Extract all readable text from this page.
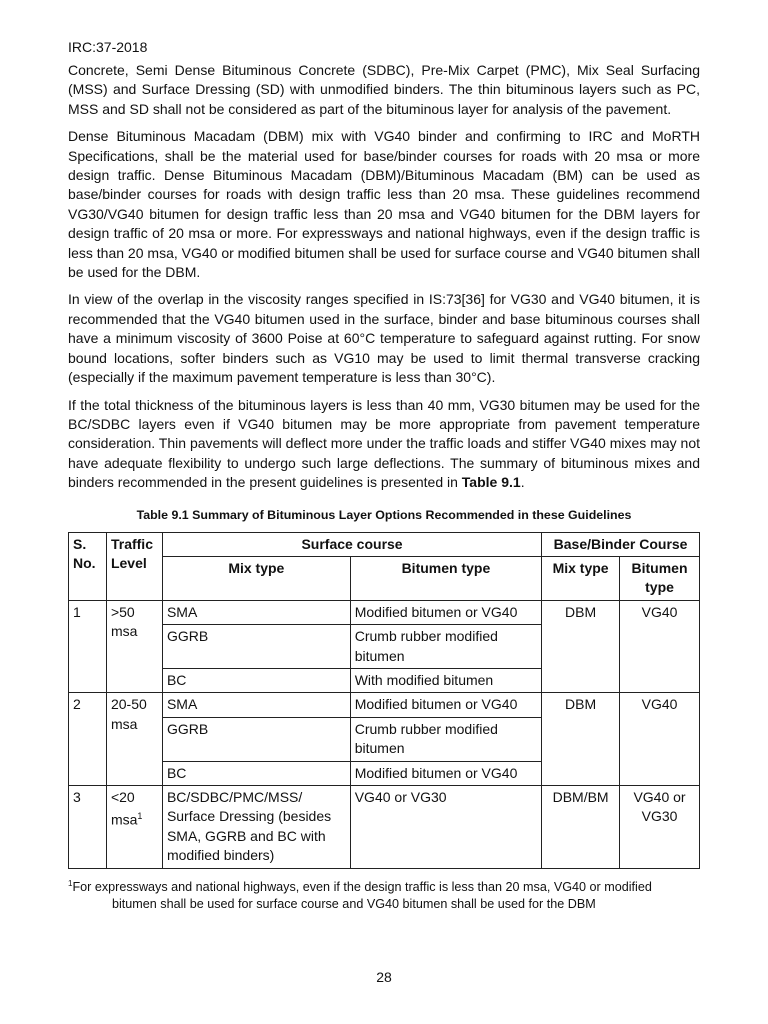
IRC:37-2018

Concrete, Semi Dense Bituminous Concrete (SDBC), Pre-Mix Carpet (PMC), Mix Seal Surfacing (MSS) and Surface Dressing (SD) with unmodified binders. The thin bituminous layers such as PC, MSS and SD shall not be considered as part of the bituminous layer for analysis of the pavement.

Dense Bituminous Macadam (DBM) mix with VG40 binder and confirming to IRC and MoRTH Specifications, shall be the material used for base/binder courses for roads with 20 msa or more design traffic. Dense Bituminous Macadam (DBM)/Bituminous Macadam (BM) can be used as base/binder courses for roads with design traffic less than 20 msa. These guidelines recommend VG30/VG40 bitumen for design traffic less than 20 msa and VG40 bitumen for the DBM layers for design traffic of 20 msa or more. For expressways and national highways, even if the design traffic is less than 20 msa, VG40 or modified bitumen shall be used for surface course and VG40 bitumen shall be used for the DBM.

In view of the overlap in the viscosity ranges specified in IS:73[36] for VG30 and VG40 bitumen, it is recommended that the VG40 bitumen used in the surface, binder and base bituminous courses shall have a minimum viscosity of 3600 Poise at 60°C temperature to safeguard against rutting. For snow bound locations, softer binders such as VG10 may be used to limit thermal transverse cracking (especially if the maximum pavement temperature is less than 30°C).

If the total thickness of the bituminous layers is less than 40 mm, VG30 bitumen may be used for the BC/SDBC layers even if VG40 bitumen may be more appropriate from pavement temperature consideration. Thin pavements will deflect more under the traffic loads and stiffer VG40 mixes may not have adequate flexibility to undergo such large deflections. The summary of bituminous mixes and binders recommended in the present guidelines is presented in Table 9.1.

Table 9.1 Summary of Bituminous Layer Options Recommended in these Guidelines
S. No.	Traffic Level	Surface course		Base/Binder Course	
		Mix type	Bitumen type	Mix type	Bitumen type
1	>50 msa	SMA	Modified bitumen or VG40	DBM	VG40
		GGRB	Crumb rubber modified bitumen		
		BC	With modified bitumen		
2	20-50 msa	SMA	Modified bitumen or VG40	DBM	VG40
		GGRB	Crumb rubber modified bitumen		
		BC	Modified bitumen or VG40		
3	<20 msa$^1$	BC/SDBC/PMC/MSS/ Surface Dressing (besides SMA, GGRB and BC with modified binders)	VG40 or VG30	DBM/BM	VG40 or VG30
$^1$For expressways and national highways, even if the design traffic is less than 20 msa, VG40 or modified
bitumen shall be used for surface course and VG40 bitumen shall be used for the DBM
28
